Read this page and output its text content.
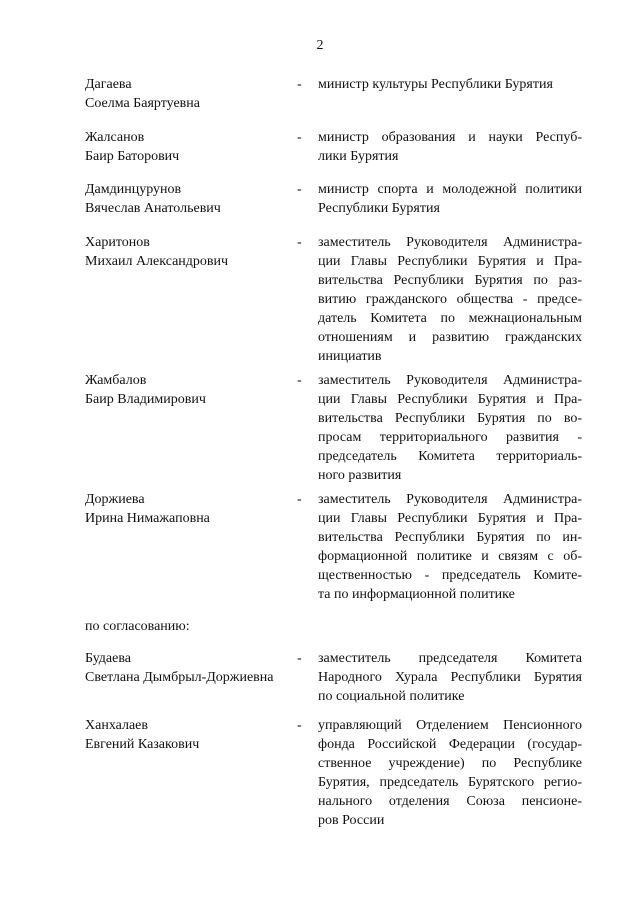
2
Дагаева
Соелма Баяртуевна
-	министр культуры Республики Бурятия
Жалсанов
Баир Баторович
-	министр образования и науки Респуб-
лики Бурятия
Дамдинцурунов
Вячеслав Анатольевич
-	министр спорта и молодежной политики
Республики Бурятия
Харитонов
Михаил Александрович
-	заместитель Руководителя Администра-
ции Главы Республики Бурятия и Пра-
вительства Республики Бурятия по раз-
витию гражданского общества - предсе-
датель Комитета по межнациональным
отношениям и развитию гражданских
инициатив
Жамбалов
Баир Владимирович
-	заместитель Руководителя Администра-
ции Главы Республики Бурятия и Пра-
вительства Республики Бурятия по во-
просам территориального развития -
председатель Комитета территориаль-
ного развития
Доржиева
Ирина Нимажаповна
-	заместитель Руководителя Администра-
ции Главы Республики Бурятия и Пра-
вительства Республики Бурятия по ин-
формационной политике и связям с об-
щественностью - председатель Комите-
та по информационной политике
по согласованию:
Будаева
Светлана Дымбрыл-Доржиевна
-	заместитель председателя Комитета
Народного Хурала Республики Бурятия
по социальной политике
Ханхалаев
Евгений Казакович
-	управляющий Отделением Пенсионного
фонда Российской Федерации (государ-
ственное учреждение) по Республике
Бурятия, председатель Бурятского регио-
нального отделения Союза пенсионе-
ров России
